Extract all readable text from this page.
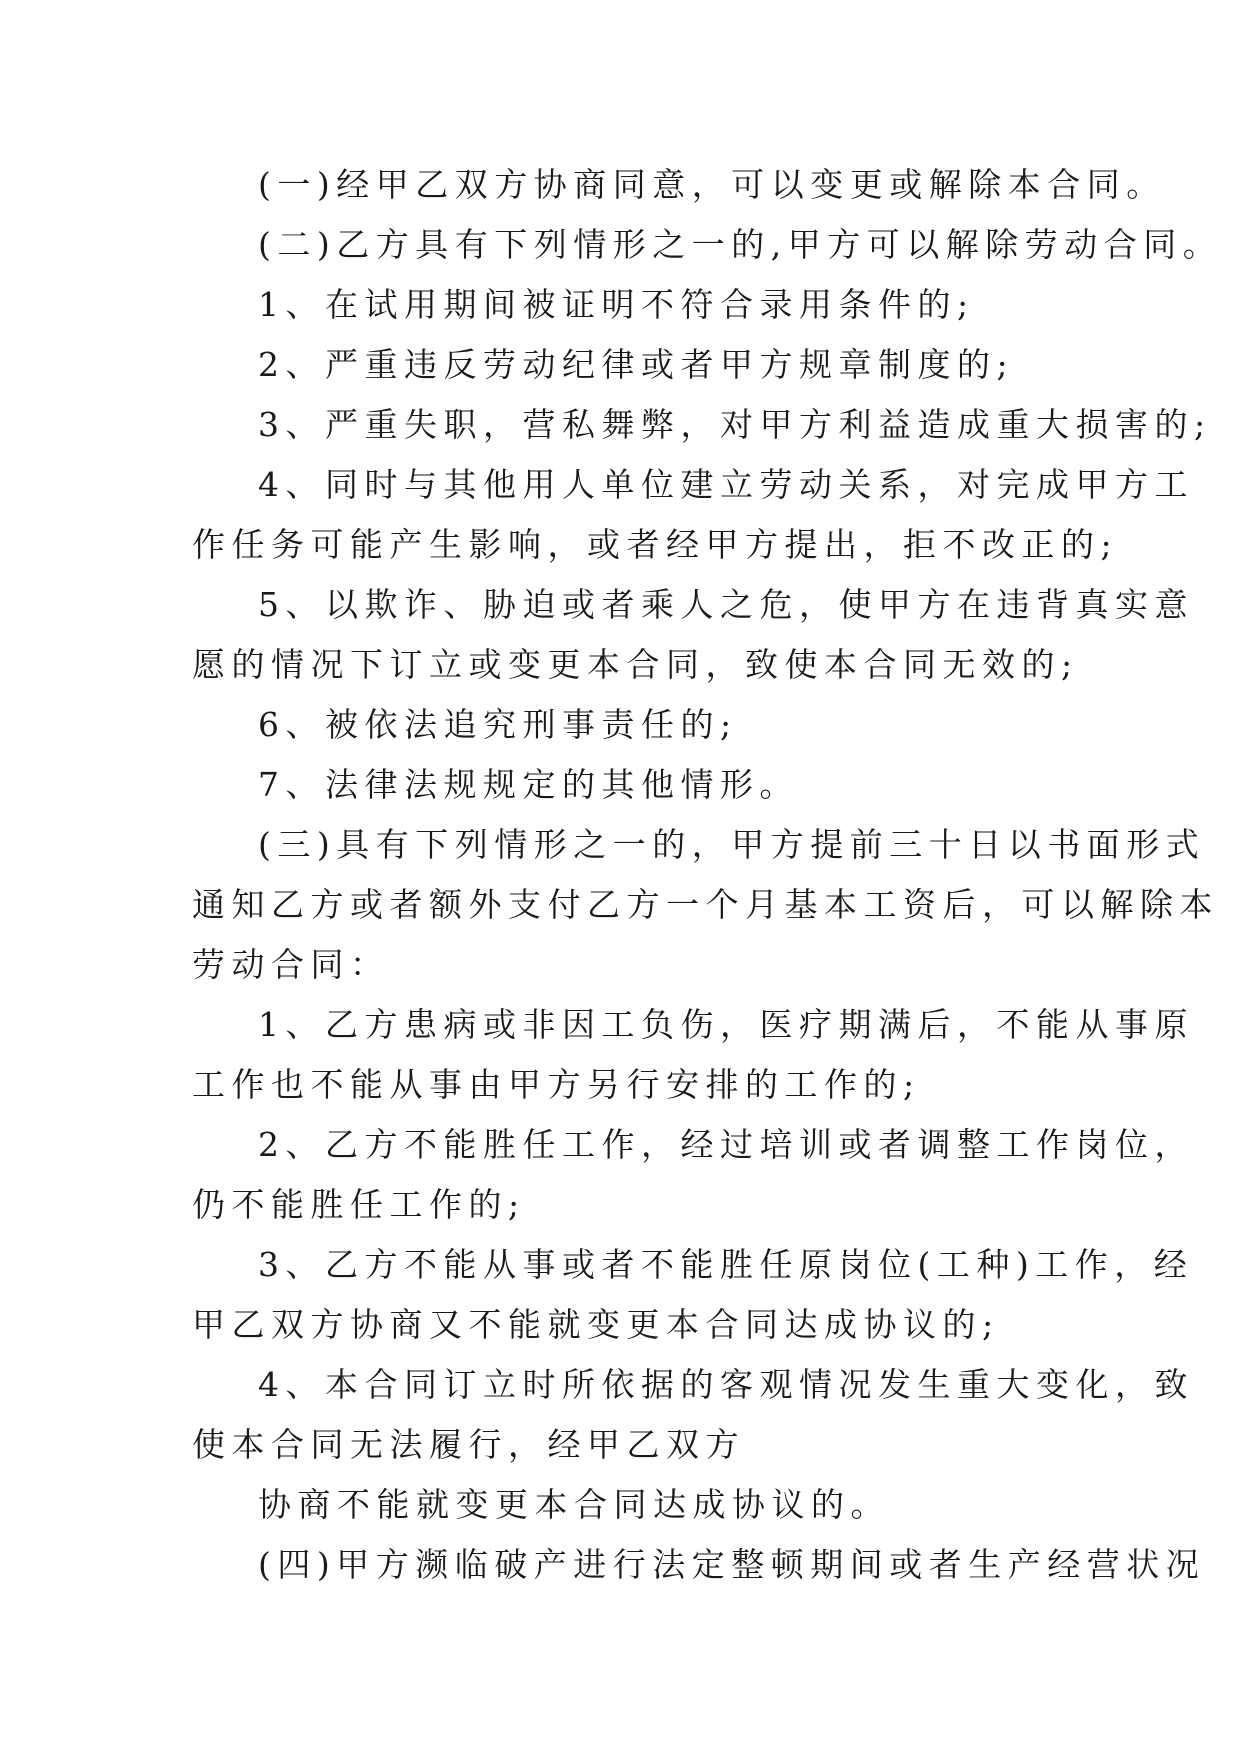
(一)经甲乙双方协商同意，可以变更或解除本合同。
(二)乙方具有下列情形之一的,甲方可以解除劳动合同。
1、在试用期间被证明不符合录用条件的;
2、严重违反劳动纪律或者甲方规章制度的;
3、严重失职，营私舞弊，对甲方利益造成重大损害的;
4、同时与其他用人单位建立劳动关系，对完成甲方工
作任务可能产生影响，或者经甲方提出，拒不改正的;
5、以欺诈、胁迫或者乘人之危，使甲方在违背真实意
愿的情况下订立或变更本合同，致使本合同无效的;
6、被依法追究刑事责任的;
7、法律法规规定的其他情形。
(三)具有下列情形之一的，甲方提前三十日以书面形式
通知乙方或者额外支付乙方一个月基本工资后，可以解除本
劳动合同：
1、乙方患病或非因工负伤，医疗期满后，不能从事原
工作也不能从事由甲方另行安排的工作的;
2、乙方不能胜任工作，经过培训或者调整工作岗位，
仍不能胜任工作的;
3、乙方不能从事或者不能胜任原岗位(工种)工作，经
甲乙双方协商又不能就变更本合同达成协议的;
4、本合同订立时所依据的客观情况发生重大变化，致
使本合同无法履行，经甲乙双方
协商不能就变更本合同达成协议的。
(四)甲方濒临破产进行法定整顿期间或者生产经营状况
